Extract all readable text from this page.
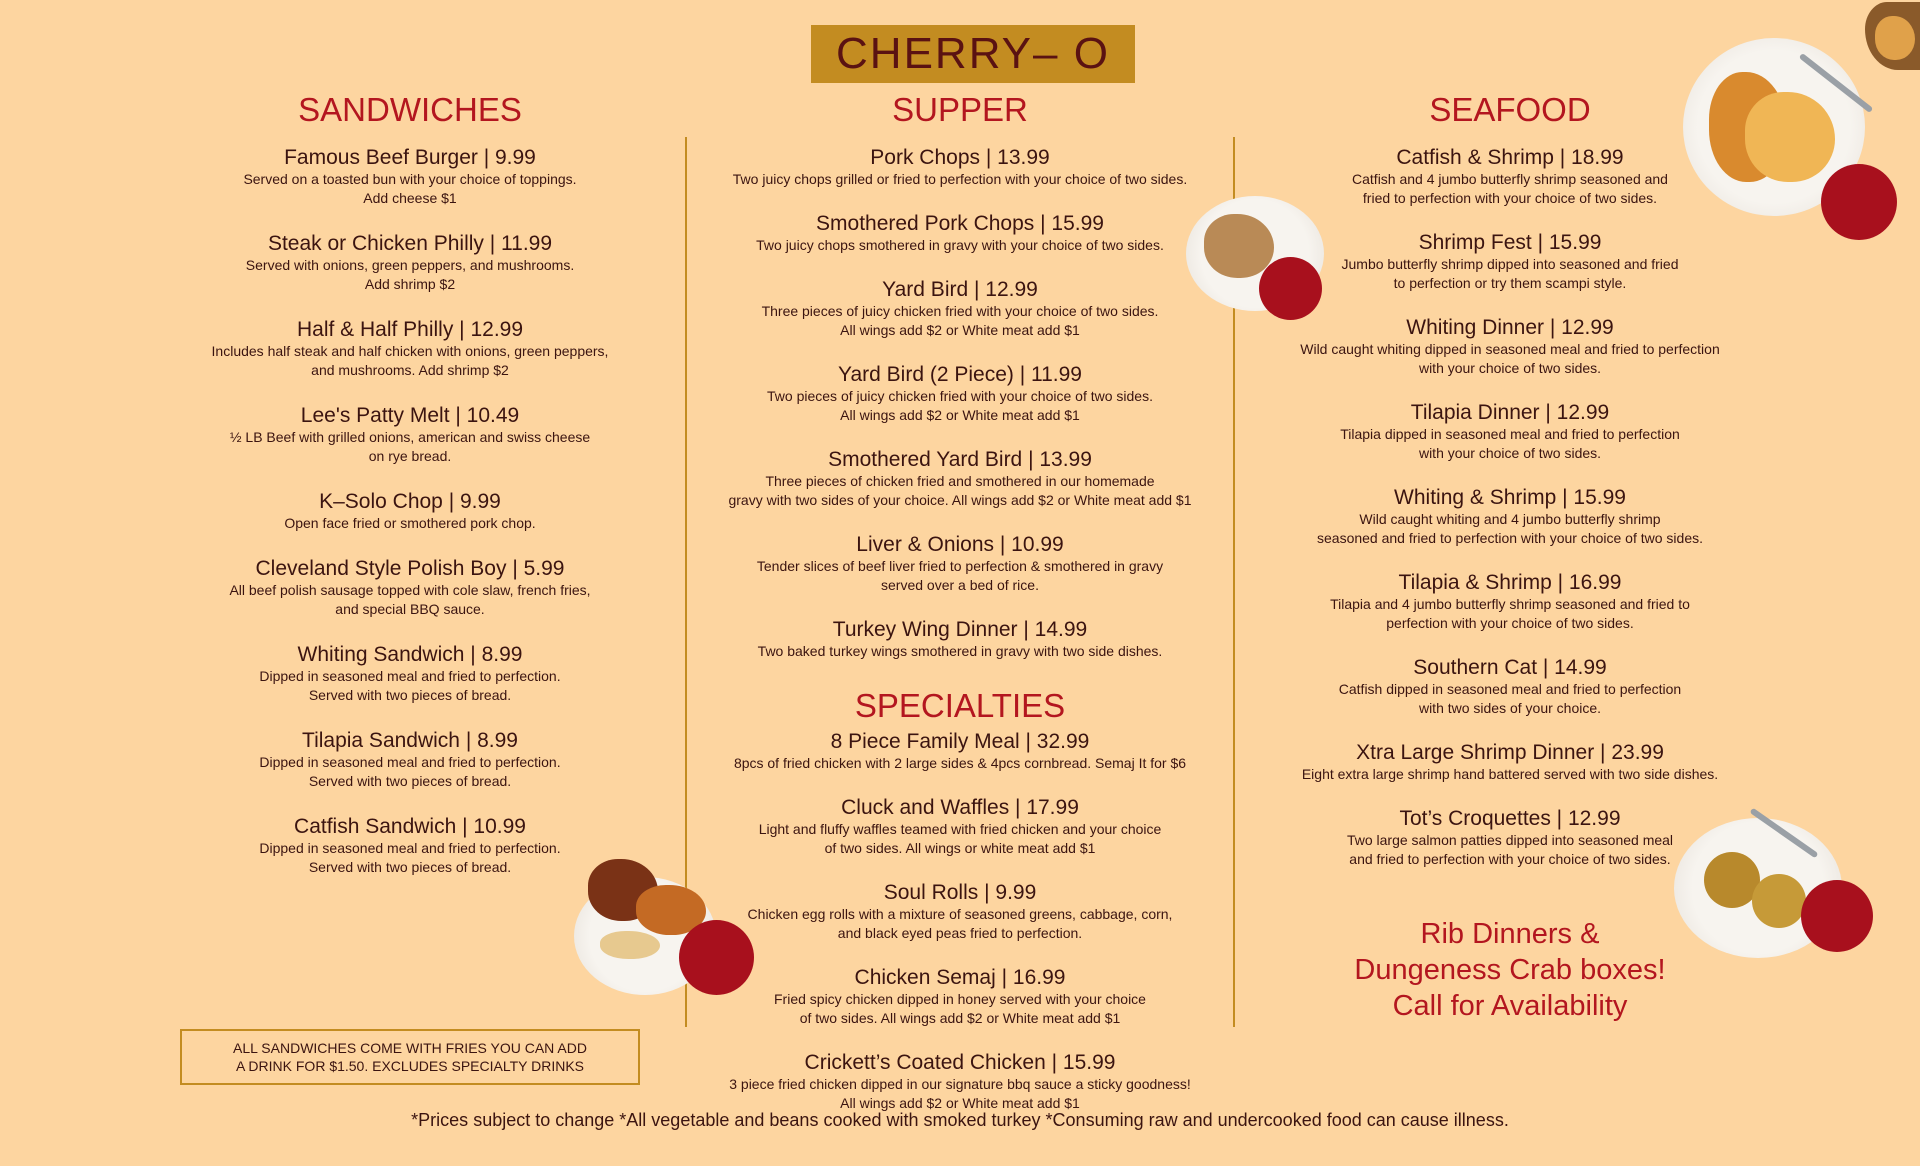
CHERRY– O
SANDWICHES
Famous Beef Burger | 9.99
Served on a toasted bun with your choice of toppings.
Add cheese $1
Steak or Chicken Philly | 11.99
Served with onions, green peppers, and mushrooms.
Add shrimp $2
Half & Half Philly | 12.99
Includes half steak and half chicken with onions, green peppers,
and mushrooms. Add shrimp $2
Lee's Patty Melt | 10.49
½ LB Beef with grilled onions, american and swiss cheese
on rye bread.
K–Solo Chop | 9.99
Open face fried or smothered pork chop.
Cleveland Style Polish Boy | 5.99
All beef polish sausage topped with cole slaw, french fries,
and special BBQ sauce.
Whiting Sandwich | 8.99
Dipped in seasoned meal and fried to perfection.
Served with two pieces of bread.
Tilapia Sandwich | 8.99
Dipped in seasoned meal and fried to perfection.
Served with two pieces of bread.
Catfish Sandwich | 10.99
Dipped in seasoned meal and fried to perfection.
Served with two pieces of bread.
SUPPER
Pork Chops | 13.99
Two juicy chops grilled or fried to perfection with your choice of two sides.
Smothered Pork Chops | 15.99
Two juicy chops smothered in gravy with your choice of two sides.
Yard Bird | 12.99
Three pieces of juicy chicken fried with your choice of two sides.
All wings add $2 or White meat add $1
Yard Bird (2 Piece) | 11.99
Two pieces of juicy chicken fried with your choice of two sides.
All wings add $2 or White meat add $1
Smothered Yard Bird | 13.99
Three pieces of chicken fried and smothered in our homemade
gravy with two sides of your choice. All wings add $2 or White meat add $1
Liver & Onions | 10.99
Tender slices of beef liver fried to perfection & smothered in gravy
served over a bed of rice.
Turkey Wing Dinner | 14.99
Two baked turkey wings smothered in gravy with two side dishes.
SPECIALTIES
8 Piece Family Meal | 32.99
8pcs of fried chicken with 2 large sides & 4pcs cornbread. Semaj It for $6
Cluck and Waffles | 17.99
Light and fluffy waffles teamed with fried chicken and your choice
of two sides. All wings or white meat add $1
Soul Rolls | 9.99
Chicken egg rolls with a mixture of seasoned greens, cabbage, corn,
and black eyed peas fried to perfection.
Chicken Semaj | 16.99
Fried spicy chicken dipped in honey served with your choice
of two sides. All wings add $2 or White meat add $1
Crickett’s Coated Chicken | 15.99
3 piece fried chicken dipped in our signature bbq sauce a sticky goodness!
All wings add $2 or White meat add $1
SEAFOOD
Catfish & Shrimp | 18.99
Catfish and 4 jumbo butterfly shrimp seasoned and
fried to perfection with your choice of two sides.
Shrimp Fest | 15.99
Jumbo butterfly shrimp dipped into seasoned and fried
to perfection or try them scampi style.
Whiting Dinner | 12.99
Wild caught whiting dipped in seasoned meal and fried to perfection
with your choice of two sides.
Tilapia Dinner | 12.99
Tilapia dipped in seasoned meal and fried to perfection
with your choice of two sides.
Whiting & Shrimp | 15.99
Wild caught whiting and 4 jumbo butterfly shrimp
seasoned and fried to perfection with your choice of two sides.
Tilapia & Shrimp | 16.99
Tilapia and 4 jumbo butterfly shrimp seasoned and fried to
perfection with your choice of two sides.
Southern Cat | 14.99
Catfish dipped in seasoned meal and fried to perfection
with two sides of your choice.
Xtra Large Shrimp Dinner | 23.99
Eight extra large shrimp hand battered served with two side dishes.
Tot’s Croquettes | 12.99
Two large salmon patties dipped into seasoned meal
and fried to perfection with your choice of two sides.
ALL SANDWICHES COME WITH FRIES YOU CAN ADD
A DRINK FOR $1.50. EXCLUDES SPECIALTY DRINKS
Rib Dinners &
Dungeness Crab boxes!
Call for Availability
*Prices subject to change *All vegetable and beans cooked with smoked turkey *Consuming raw and undercooked food can cause illness.
